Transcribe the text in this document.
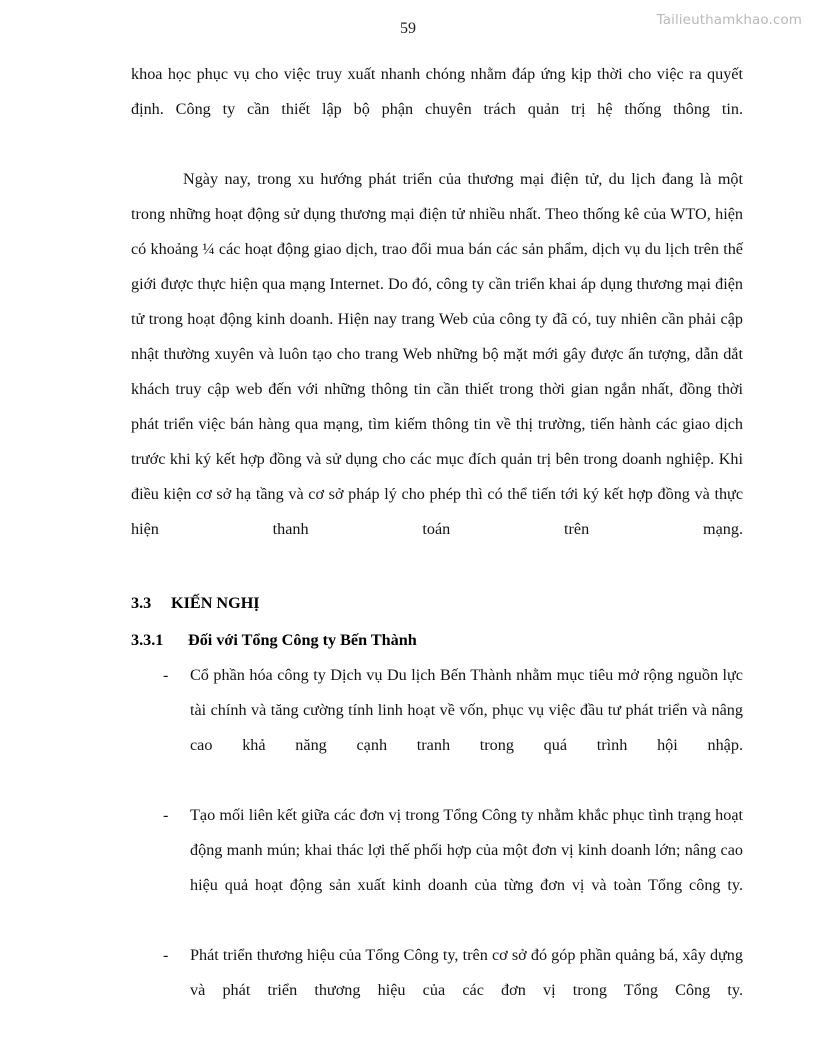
Tailieuthamkhao.com
59

khoa học phục vụ cho việc truy xuất nhanh chóng nhằm đáp ứng kịp thời cho việc ra quyết định. Công ty cần thiết lập bộ phận chuyên trách quản trị hệ thống thông tin.

Ngày nay, trong xu hướng phát triển của thương mại điện tử, du lịch đang là một trong những hoạt động sử dụng thương mại điện tử nhiều nhất. Theo thống kê của WTO, hiện có khoảng ¼ các hoạt động giao dịch, trao đổi mua bán các sản phẩm, dịch vụ du lịch trên thế giới được thực hiện qua mạng Internet. Do đó, công ty cần triển khai áp dụng thương mại điện tử trong hoạt động kinh doanh. Hiện nay trang Web của công ty đã có, tuy nhiên cần phải cập nhật thường xuyên và luôn tạo cho trang Web những bộ mặt mới gây được ấn tượng, dẫn dắt khách truy cập web đến với những thông tin cần thiết trong thời gian ngắn nhất, đồng thời phát triển việc bán hàng qua mạng, tìm kiếm thông tin về thị trường, tiến hành các giao dịch trước khi ký kết hợp đồng và sử dụng cho các mục đích quản trị bên trong doanh nghiệp. Khi điều kiện cơ sở hạ tầng và cơ sở pháp lý cho phép thì có thể tiến tới ký kết hợp đồng và thực hiện thanh toán trên mạng.

3.3	KIẾN NGHỊ
3.3.1	Đối với Tổng Công ty Bến Thành
- Cổ phần hóa công ty Dịch vụ Du lịch Bến Thành nhằm mục tiêu mở rộng nguồn lực tài chính và tăng cường tính linh hoạt về vốn, phục vụ việc đầu tư phát triển và nâng cao khả năng cạnh tranh trong quá trình hội nhập.
- Tạo mối liên kết giữa các đơn vị trong Tổng Công ty nhằm khắc phục tình trạng hoạt động manh mún; khai thác lợi thế phối hợp của một đơn vị kinh doanh lớn; nâng cao hiệu quả hoạt động sản xuất kinh doanh của từng đơn vị và toàn Tổng công ty.
- Phát triển thương hiệu của Tổng Công ty, trên cơ sở đó góp phần quảng bá, xây dựng và phát triển thương hiệu của các đơn vị trong Tổng Công ty.
